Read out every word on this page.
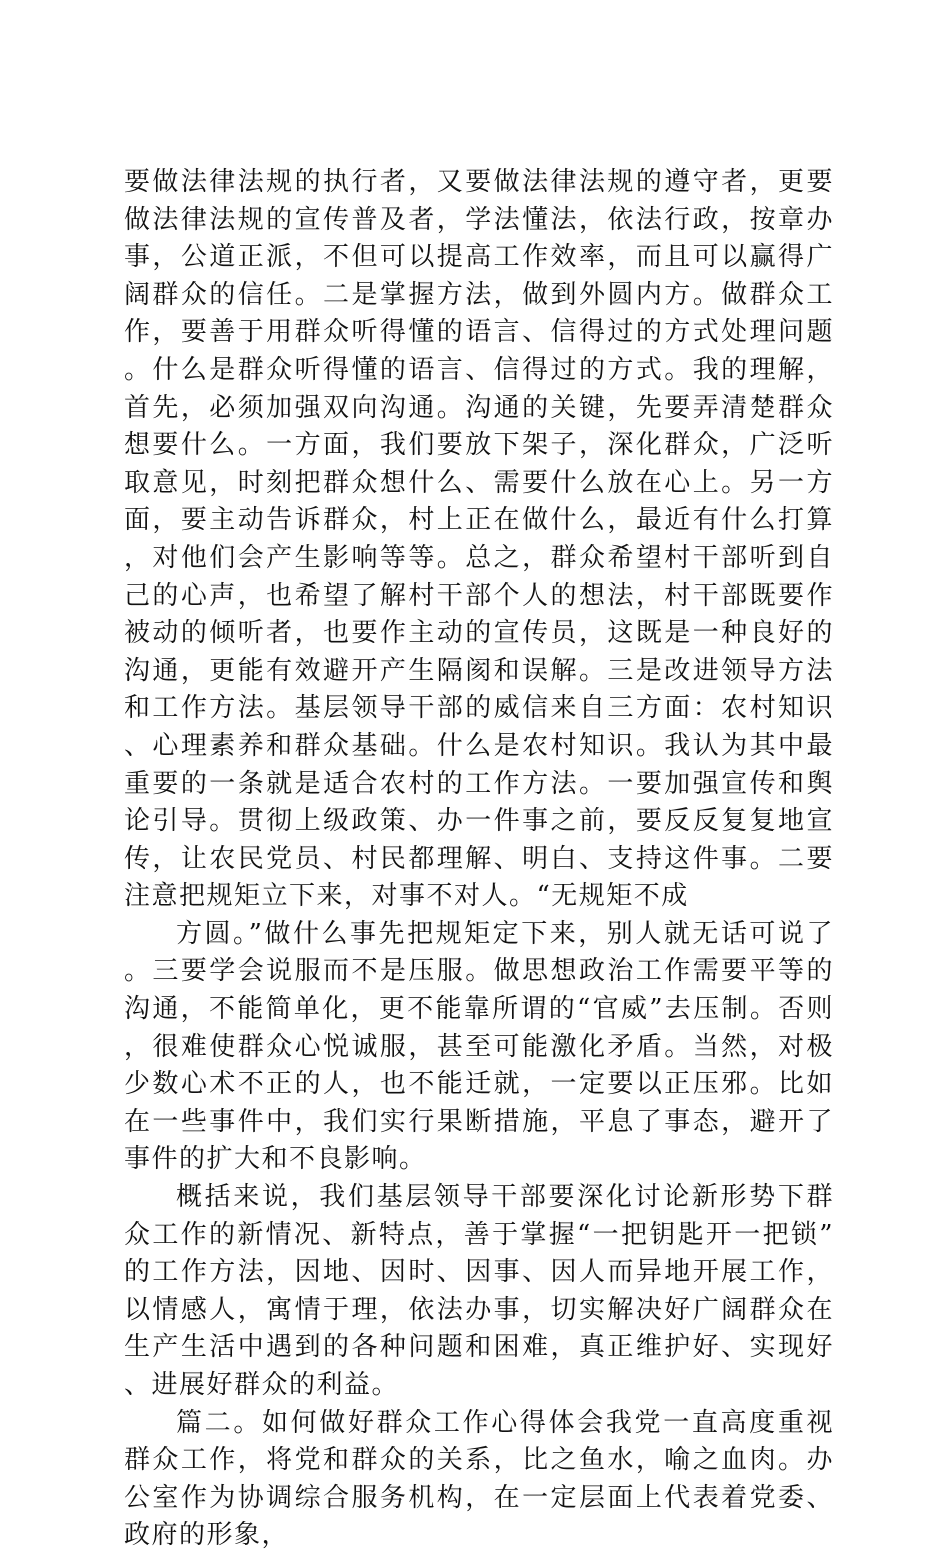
要做法律法规的执行者，又要做法律法规的遵守者，更要做法律法规的宣传普及者，学法懂法，依法行政，按章办事，公道正派，不但可以提高工作效率，而且可以赢得广阔群众的信任。二是掌握方法，做到外圆内方。做群众工作，要善于用群众听得懂的语言、信得过的方式处理问题。什么是群众听得懂的语言、信得过的方式。我的理解，首先，必须加强双向沟通。沟通的关键，先要弄清楚群众想要什么。一方面，我们要放下架子，深化群众，广泛听取意见，时刻把群众想什么、需要什么放在心上。另一方面，要主动告诉群众，村上正在做什么，最近有什么打算，对他们会产生影响等等。总之，群众希望村干部听到自己的心声，也希望了解村干部个人的想法，村干部既要作被动的倾听者，也要作主动的宣传员，这既是一种良好的沟通，更能有效避开产生隔阂和误解。三是改进领导方法和工作方法。基层领导干部的威信来自三方面：农村知识、心理素养和群众基础。什么是农村知识。我认为其中最重要的一条就是适合农村的工作方法。一要加强宣传和舆论引导。贯彻上级政策、办一件事之前，要反反复复地宣传，让农民党员、村民都理解、明白、支持这件事。二要注意把规矩立下来，对事不对人。“无规矩不成

方圆。”做什么事先把规矩定下来，别人就无话可说了。三要学会说服而不是压服。做思想政治工作需要平等的沟通，不能简单化，更不能靠所谓的“官威”去压制。否则，很难使群众心悦诚服，甚至可能激化矛盾。当然，对极少数心术不正的人，也不能迁就，一定要以正压邪。比如在一些事件中，我们实行果断措施，平息了事态，避开了事件的扩大和不良影响。

概括来说，我们基层领导干部要深化讨论新形势下群众工作的新情况、新特点，善于掌握“一把钥匙开一把锁”的工作方法，因地、因时、因事、因人而异地开展工作，以情感人，寓情于理，依法办事，切实解决好广阔群众在生产生活中遇到的各种问题和困难，真正维护好、实现好、进展好群众的利益。

篇二。如何做好群众工作心得体会我党一直高度重视群众工作，将党和群众的关系，比之鱼水，喻之血肉。办公室作为协调综合服务机构，在一定层面上代表着党委、政府的形象，
